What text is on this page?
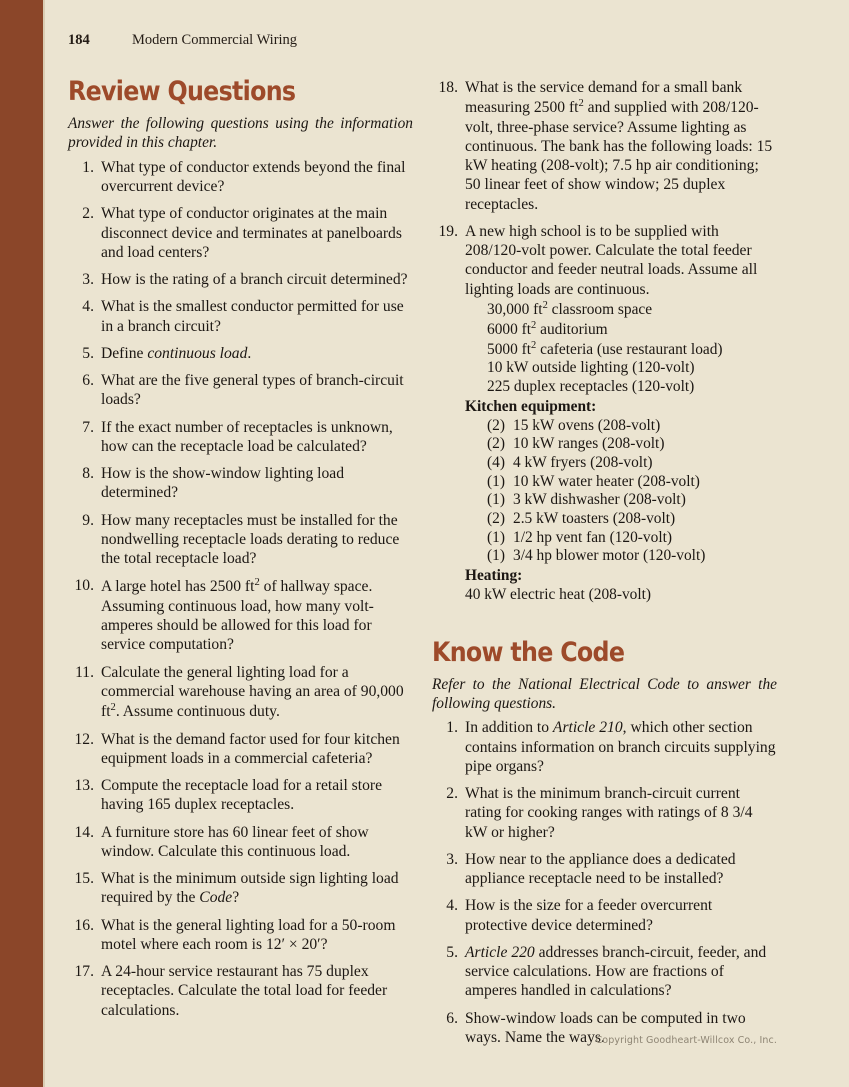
184	Modern Commercial Wiring
Review Questions

Answer the following questions using the information provided in this chapter.

1. What type of conductor extends beyond the final overcurrent device?
2. What type of conductor originates at the main disconnect device and terminates at panelboards and load centers?
3. How is the rating of a branch circuit determined?
4. What is the smallest conductor permitted for use in a branch circuit?
5. Define continuous load.
6. What are the five general types of branch-circuit loads?
7. If the exact number of receptacles is unknown, how can the receptacle load be calculated?
8. How is the show-window lighting load determined?
9. How many receptacles must be installed for the nondwelling receptacle loads derating to reduce the total receptacle load?
10. A large hotel has 2500 $ft^2$ of hallway space. Assuming continuous load, how many volt-amperes should be allowed for this load for service computation?
11. Calculate the general lighting load for a commercial warehouse having an area of 90,000 $ft^2$. Assume continuous duty.
12. What is the demand factor used for four kitchen equipment loads in a commercial cafeteria?
13. Compute the receptacle load for a retail store having 165 duplex receptacles.
14. A furniture store has 60 linear feet of show window. Calculate this continuous load.
15. What is the minimum outside sign lighting load required by the Code?
16. What is the general lighting load for a 50-room motel where each room is 12′ × 20′?
17. A 24-hour service restaurant has 75 duplex receptacles. Calculate the total load for feeder calculations.
18. What is the service demand for a small bank measuring 2500 $ft^2$ and supplied with 208/120-volt, three-phase service? Assume lighting as continuous. The bank has the following loads: 15 kW heating (208-volt); 7.5 hp air conditioning; 50 linear feet of show window; 25 duplex receptacles.
19. A new high school is to be supplied with 208/120-volt power. Calculate the total feeder conductor and feeder neutral loads. Assume all lighting loads are continuous.
30,000 $ft^2$ classroom space
6000 $ft^2$ auditorium
5000 $ft^2$ cafeteria (use restaurant load)
10 kW outside lighting (120-volt)
225 duplex receptacles (120-volt)
Kitchen equipment:
(2) 15 kW ovens (208-volt)
(2) 10 kW ranges (208-volt)
(4) 4 kW fryers (208-volt)
(1) 10 kW water heater (208-volt)
(1) 3 kW dishwasher (208-volt)
(2) 2.5 kW toasters (208-volt)
(1) 1/2 hp vent fan (120-volt)
(1) 3/4 hp blower motor (120-volt)
Heating:
40 kW electric heat (208-volt)
Know the Code

Refer to the National Electrical Code to answer the following questions.

1. In addition to Article 210, which other section contains information on branch circuits supplying pipe organs?
2. What is the minimum branch-circuit current rating for cooking ranges with ratings of 8 3/4 kW or higher?
3. How near to the appliance does a dedicated appliance receptacle need to be installed?
4. How is the size for a feeder overcurrent protective device determined?
5. Article 220 addresses branch-circuit, feeder, and service calculations. How are fractions of amperes handled in calculations?
6. Show-window loads can be computed in two ways. Name the ways.
Copyright Goodheart-Willcox Co., Inc.
